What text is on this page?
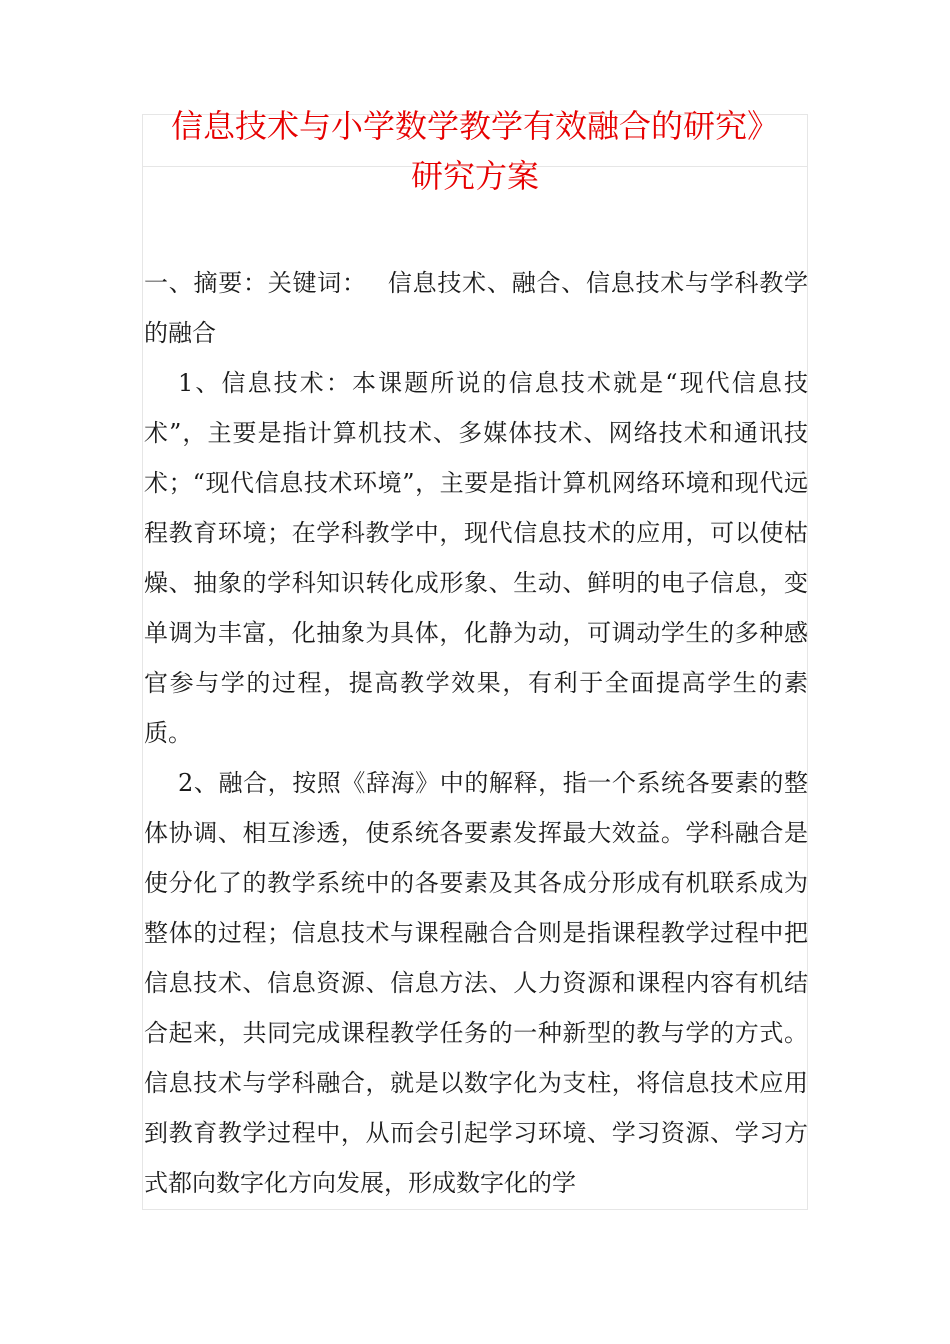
信息技术与小学数学教学有效融合的研究》
研究方案

一、摘要：关键词：　 信息技术、融合、信息技术与学科教学的融合

1、信息技术：本课题所说的信息技术就是“现代信息技术”，主要是指计算机技术、多媒体技术、网络技术和通讯技术；“现代信息技术环境”，主要是指计算机网络环境和现代远程教育环境；在学科教学中，现代信息技术的应用，可以使枯燥、抽象的学科知识转化成形象、生动、鲜明的电子信息，变单调为丰富，化抽象为具体，化静为动，可调动学生的多种感官参与学的过程，提高教学效果，有利于全面提高学生的素质。

2、融合，按照《辞海》中的解释，指一个系统各要素的整体协调、相互渗透，使系统各要素发挥最大效益。学科融合是使分化了的教学系统中的各要素及其各成分形成有机联系成为整体的过程；信息技术与课程融合合则是指课程教学过程中把信息技术、信息资源、信息方法、人力资源和课程内容有机结合起来，共同完成课程教学任务的一种新型的教与学的方式。信息技术与学科融合，就是以数字化为支柱，将信息技术应用到教育教学过程中，从而会引起学习环境、学习资源、学习方式都向数字化方向发展，形成数字化的学
